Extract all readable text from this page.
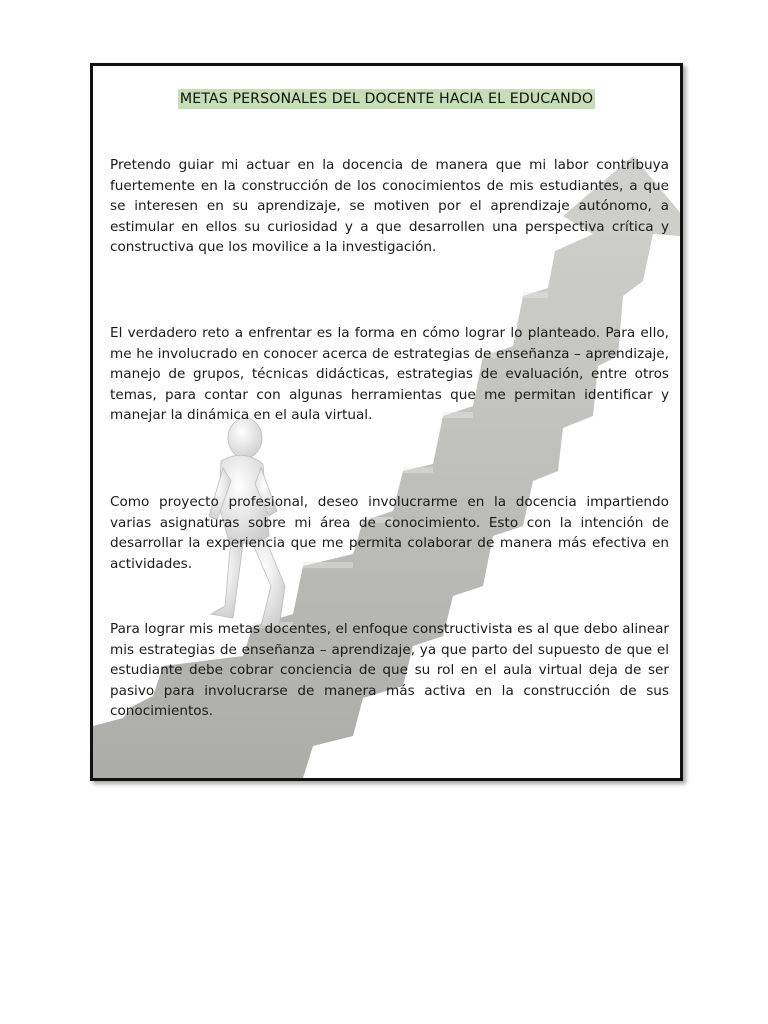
METAS PERSONALES DEL DOCENTE HACIA EL EDUCANDO

Pretendo guiar mi actuar en la docencia de manera que mi labor contribuya fuertemente en la construcción de los conocimientos de mis estudiantes, a que se interesen en su aprendizaje, se motiven por el aprendizaje autónomo, a estimular en ellos su curiosidad y a que desarrollen una perspectiva crítica y constructiva que los movilice a la investigación.

El verdadero reto a enfrentar es la forma en cómo lograr lo planteado. Para ello, me he involucrado en conocer acerca de estrategias de enseñanza – aprendizaje, manejo de grupos, técnicas didácticas, estrategias de evaluación, entre otros temas, para contar con algunas herramientas que me permitan identificar y manejar la dinámica en el aula virtual.

Como proyecto profesional, deseo involucrarme en la docencia impartiendo varias asignaturas sobre mi área de conocimiento. Esto con la intención de desarrollar la experiencia que me permita colaborar de manera más efectiva en actividades.

Para lograr mis metas docentes, el enfoque constructivista es al que debo alinear mis estrategias de enseñanza – aprendizaje, ya que parto del supuesto de que el estudiante debe cobrar conciencia de que su rol en el aula virtual deja de ser pasivo para involucrarse de manera más activa en la construcción de sus conocimientos.
